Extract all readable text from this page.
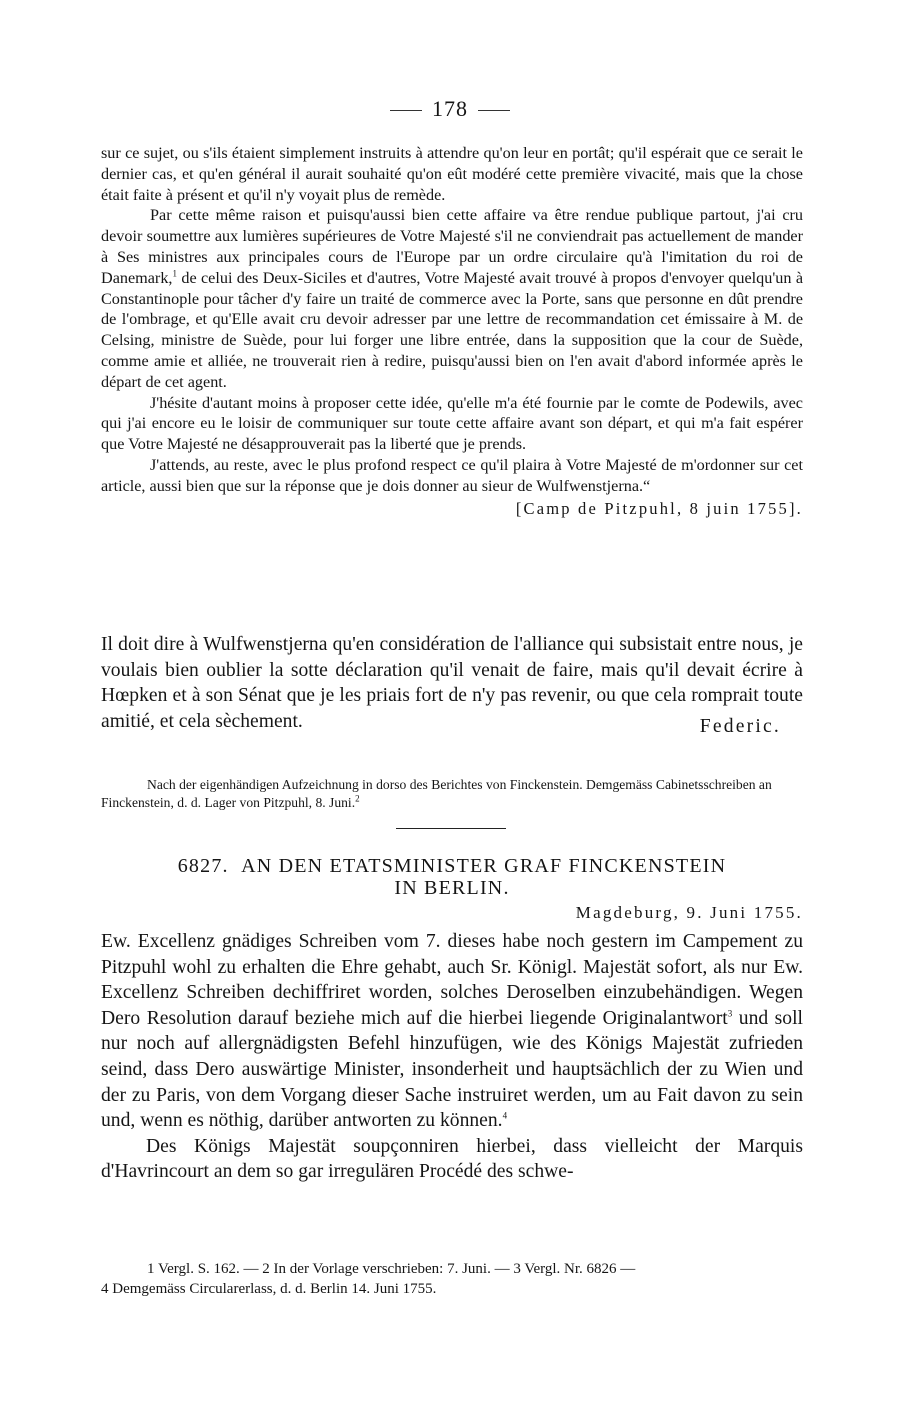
178

sur ce sujet, ou s'ils étaient simplement instruits à attendre qu'on leur en portât; qu'il espérait que ce serait le dernier cas, et qu'en général il aurait souhaité qu'on eût modéré cette première vivacité, mais que la chose était faite à présent et qu'il n'y voyait plus de remède.

Par cette même raison et puisqu'aussi bien cette affaire va être rendue publique partout, j'ai cru devoir soumettre aux lumières supérieures de Votre Majesté s'il ne conviendrait pas actuellement de mander à Ses ministres aux principales cours de l'Europe par un ordre circulaire qu'à l'imitation du roi de Danemark,$^1$ de celui des Deux-Siciles et d'autres, Votre Majesté avait trouvé à propos d'envoyer quelqu'un à Constantinople pour tâcher d'y faire un traité de commerce avec la Porte, sans que personne en dût prendre de l'ombrage, et qu'Elle avait cru devoir adresser par une lettre de recommandation cet émissaire à M. de Celsing, ministre de Suède, pour lui forger une libre entrée, dans la supposition que la cour de Suède, comme amie et alliée, ne trouverait rien à redire, puisqu'aussi bien on l'en avait d'abord informée après le départ de cet agent.

J'hésite d'autant moins à proposer cette idée, qu'elle m'a été fournie par le comte de Podewils, avec qui j'ai encore eu le loisir de communiquer sur toute cette affaire avant son départ, et qui m'a fait espérer que Votre Majesté ne désapprouverait pas la liberté que je prends.

J'attends, au reste, avec le plus profond respect ce qu'il plaira à Votre Majesté de m'ordonner sur cet article, aussi bien que sur la réponse que je dois donner au sieur de Wulfwenstjerna.“

[Camp de Pitzpuhl, 8 juin 1755].

Il doit dire à Wulfwenstjerna qu'en considération de l'alliance qui subsistait entre nous, je voulais bien oublier la sotte déclaration qu'il venait de faire, mais qu'il devait écrire à Hœpken et à son Sénat que je les priais fort de n'y pas revenir, ou que cela romprait toute amitié, et cela sèchement.	Federic.

Nach der eigenhändigen Aufzeichnung in dorso des Berichtes von Finckenstein. Demgemäss Cabinetsschreiben an Finckenstein, d. d. Lager von Pitzpuhl, 8. Juni.$^2$
6827. AN DEN ETATSMINISTER GRAF FINCKENSTEIN
IN BERLIN.
Magdeburg, 9. Juni 1755.

Ew. Excellenz gnädiges Schreiben vom 7. dieses habe noch gestern im Campement zu Pitzpuhl wohl zu erhalten die Ehre gehabt, auch Sr. Königl. Majestät sofort, als nur Ew. Excellenz Schreiben dechiffriret worden, solches Deroselben einzubehändigen. Wegen Dero Resolution darauf beziehe mich auf die hierbei liegende Originalantwort$^3$ und soll nur noch auf allergnädigsten Befehl hinzufügen, wie des Königs Majestät zufrieden seind, dass Dero auswärtige Minister, insonderheit und hauptsächlich der zu Wien und der zu Paris, von dem Vorgang dieser Sache instruiret werden, um au Fait davon zu sein und, wenn es nöthig, darüber antworten zu können.$^4$

Des Königs Majestät soupçonniren hierbei, dass vielleicht der Marquis d'Havrincourt an dem so gar irregulären Procédé des schwe-

1 Vergl. S. 162. — 2 In der Vorlage verschrieben: 7. Juni. — 3 Vergl. Nr. 6826 —
4 Demgemäss Circularerlass, d. d. Berlin 14. Juni 1755.
